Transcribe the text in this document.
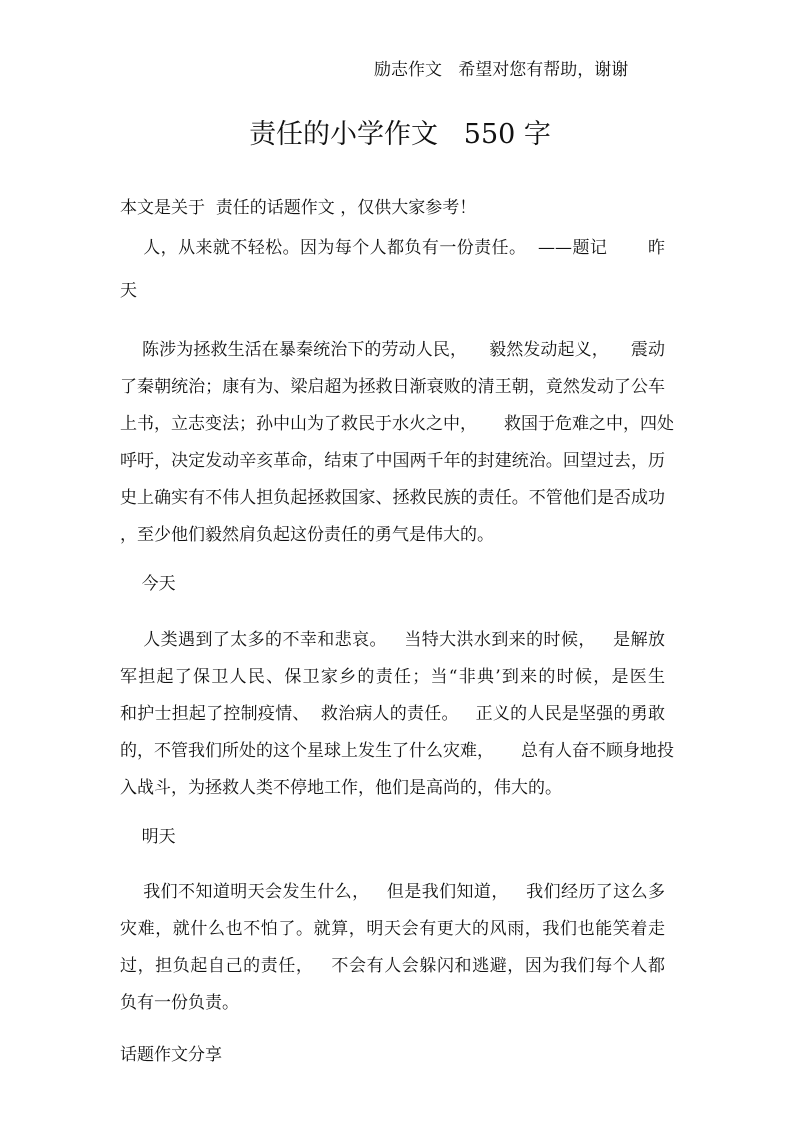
励志作文   希望对您有帮助，谢谢
责任的小学作文   550 字
本文是关于  责任的话题作文 ，仅供大家参考！
人，从来就不轻松。因为每个人都负有一份责任。  ——题记       昨
天
陈涉为拯救生活在暴秦统治下的劳动人民，    毅然发动起义，    震动
了秦朝统治；康有为、梁启超为拯救日渐衰败的清王朝，竟然发动了公车
上书，立志变法；孙中山为了救民于水火之中，     救国于危难之中，四处
呼吁，决定发动辛亥革命，结束了中国两千年的封建统治。回望过去，历
史上确实有不伟人担负起拯救国家、拯救民族的责任。不管他们是否成功
，至少他们毅然肩负起这份责任的勇气是伟大的。
今天
人类遇到了太多的不幸和悲哀。   当特大洪水到来的时候，   是解放
军担起了保卫人民、保卫家乡的责任；当“非典’到来的时候，是医生
和护士担起了控制疫情、  救治病人的责任。   正义的人民是坚强的勇敢
的，不管我们所处的这个星球上发生了什么灾难，     总有人奋不顾身地投
入战斗，为拯救人类不停地工作，他们是高尚的，伟大的。
明天
我们不知道明天会发生什么，   但是我们知道，   我们经历了这么多
灾难，就什么也不怕了。就算，明天会有更大的风雨，我们也能笑着走
过，担负起自己的责任，   不会有人会躲闪和逃避，因为我们每个人都
负有一份负责。
话题作文分享
